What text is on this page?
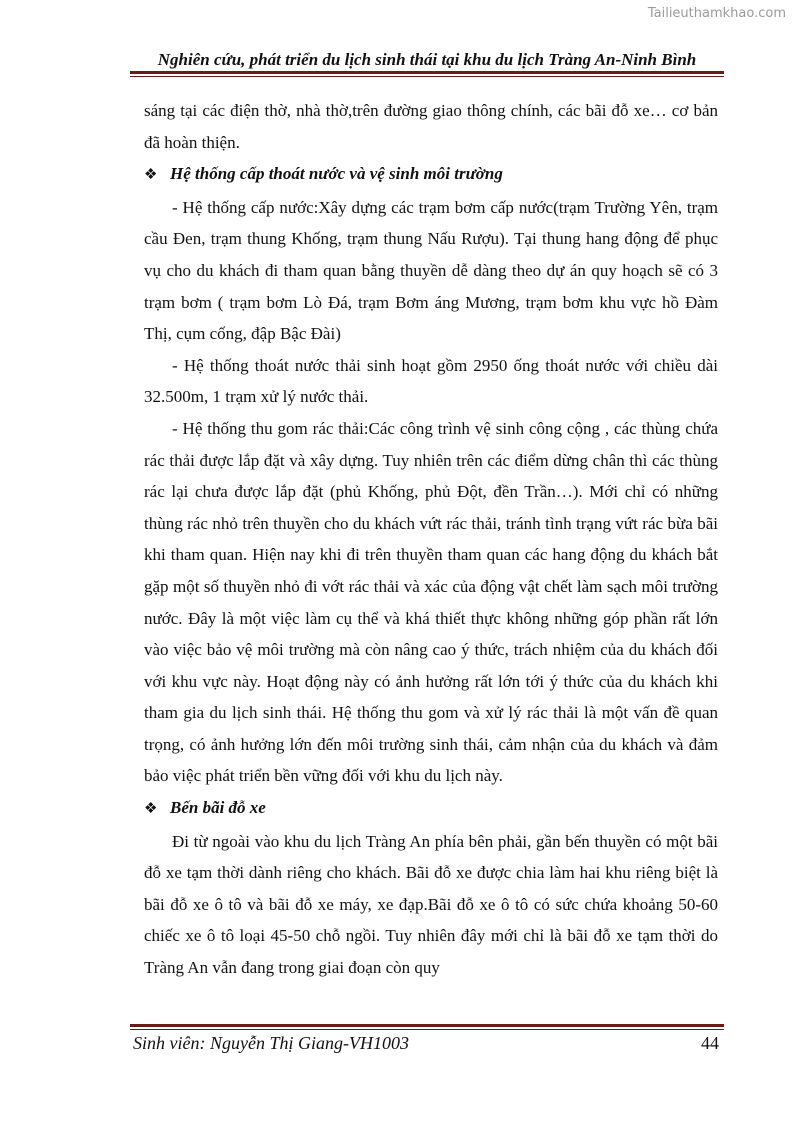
Tailieuthamkhao.com
Nghiên cứu, phát triển du lịch sinh thái tại khu du lịch Tràng An-Ninh Bình

sáng tại các điện thờ, nhà thờ,trên đường giao thông chính, các bãi đỗ xe… cơ bản đã hoàn thiện.

❖ Hệ thống cấp thoát nước và vệ sinh môi trường

- Hệ thống cấp nước:Xây dựng các trạm bơm cấp nước(trạm Trường Yên, trạm cầu Đen, trạm thung Khống, trạm thung Nấu Rượu). Tại thung hang động để phục vụ cho du khách đi tham quan bằng thuyền dễ dàng theo dự án quy hoạch sẽ có 3 trạm bơm ( trạm bơm Lò Đá, trạm Bơm áng Mương, trạm bơm khu vực hồ Đàm Thị, cụm cống, đập Bậc Đài)

- Hệ thống thoát nước thải sinh hoạt gồm 2950 ống thoát nước với chiều dài 32.500m, 1 trạm xử lý nước thải.

- Hệ thống thu gom rác thải:Các công trình vệ sinh công cộng , các thùng chứa rác thải được lắp đặt và xây dựng. Tuy nhiên trên các điểm dừng chân thì các thùng rác lại chưa được lắp đặt (phủ Khống, phủ Đột, đền Trần…). Mới chỉ có những thùng rác nhỏ trên thuyền cho du khách vứt rác thải, tránh tình trạng vứt rác bừa bãi khi tham quan. Hiện nay khi đi trên thuyền tham quan các hang động du khách bắt gặp một số thuyền nhỏ đi vớt rác thải và xác của động vật chết làm sạch môi trường nước. Đây là một việc làm cụ thể và khá thiết thực không những góp phần rất lớn vào việc bảo vệ môi trường mà còn nâng cao ý thức, trách nhiệm của du khách đối với khu vực này. Hoạt động này có ảnh hưởng rất lớn tới ý thức của du khách khi tham gia du lịch sinh thái. Hệ thống thu gom và xử lý rác thải là một vấn đề quan trọng, có ảnh hưởng lớn đến môi trường sinh thái, cảm nhận của du khách và đảm bảo việc phát triển bền vững đối với khu du lịch này.

❖ Bến bãi đỗ xe

Đi từ ngoài vào khu du lịch Tràng An phía bên phải, gần bến thuyền có một bãi đỗ xe tạm thời dành riêng cho khách. Bãi đỗ xe được chia làm hai khu riêng biệt là bãi đỗ xe ô tô và bãi đỗ xe máy, xe đạp.Bãi đỗ xe ô tô có sức chứa khoảng 50-60 chiếc xe ô tô loại 45-50 chỗ ngồi. Tuy nhiên đây mới chỉ là bãi đỗ xe tạm thời do Tràng An vẫn đang trong giai đoạn còn quy

Sinh viên: Nguyễn Thị Giang-VH1003	44
